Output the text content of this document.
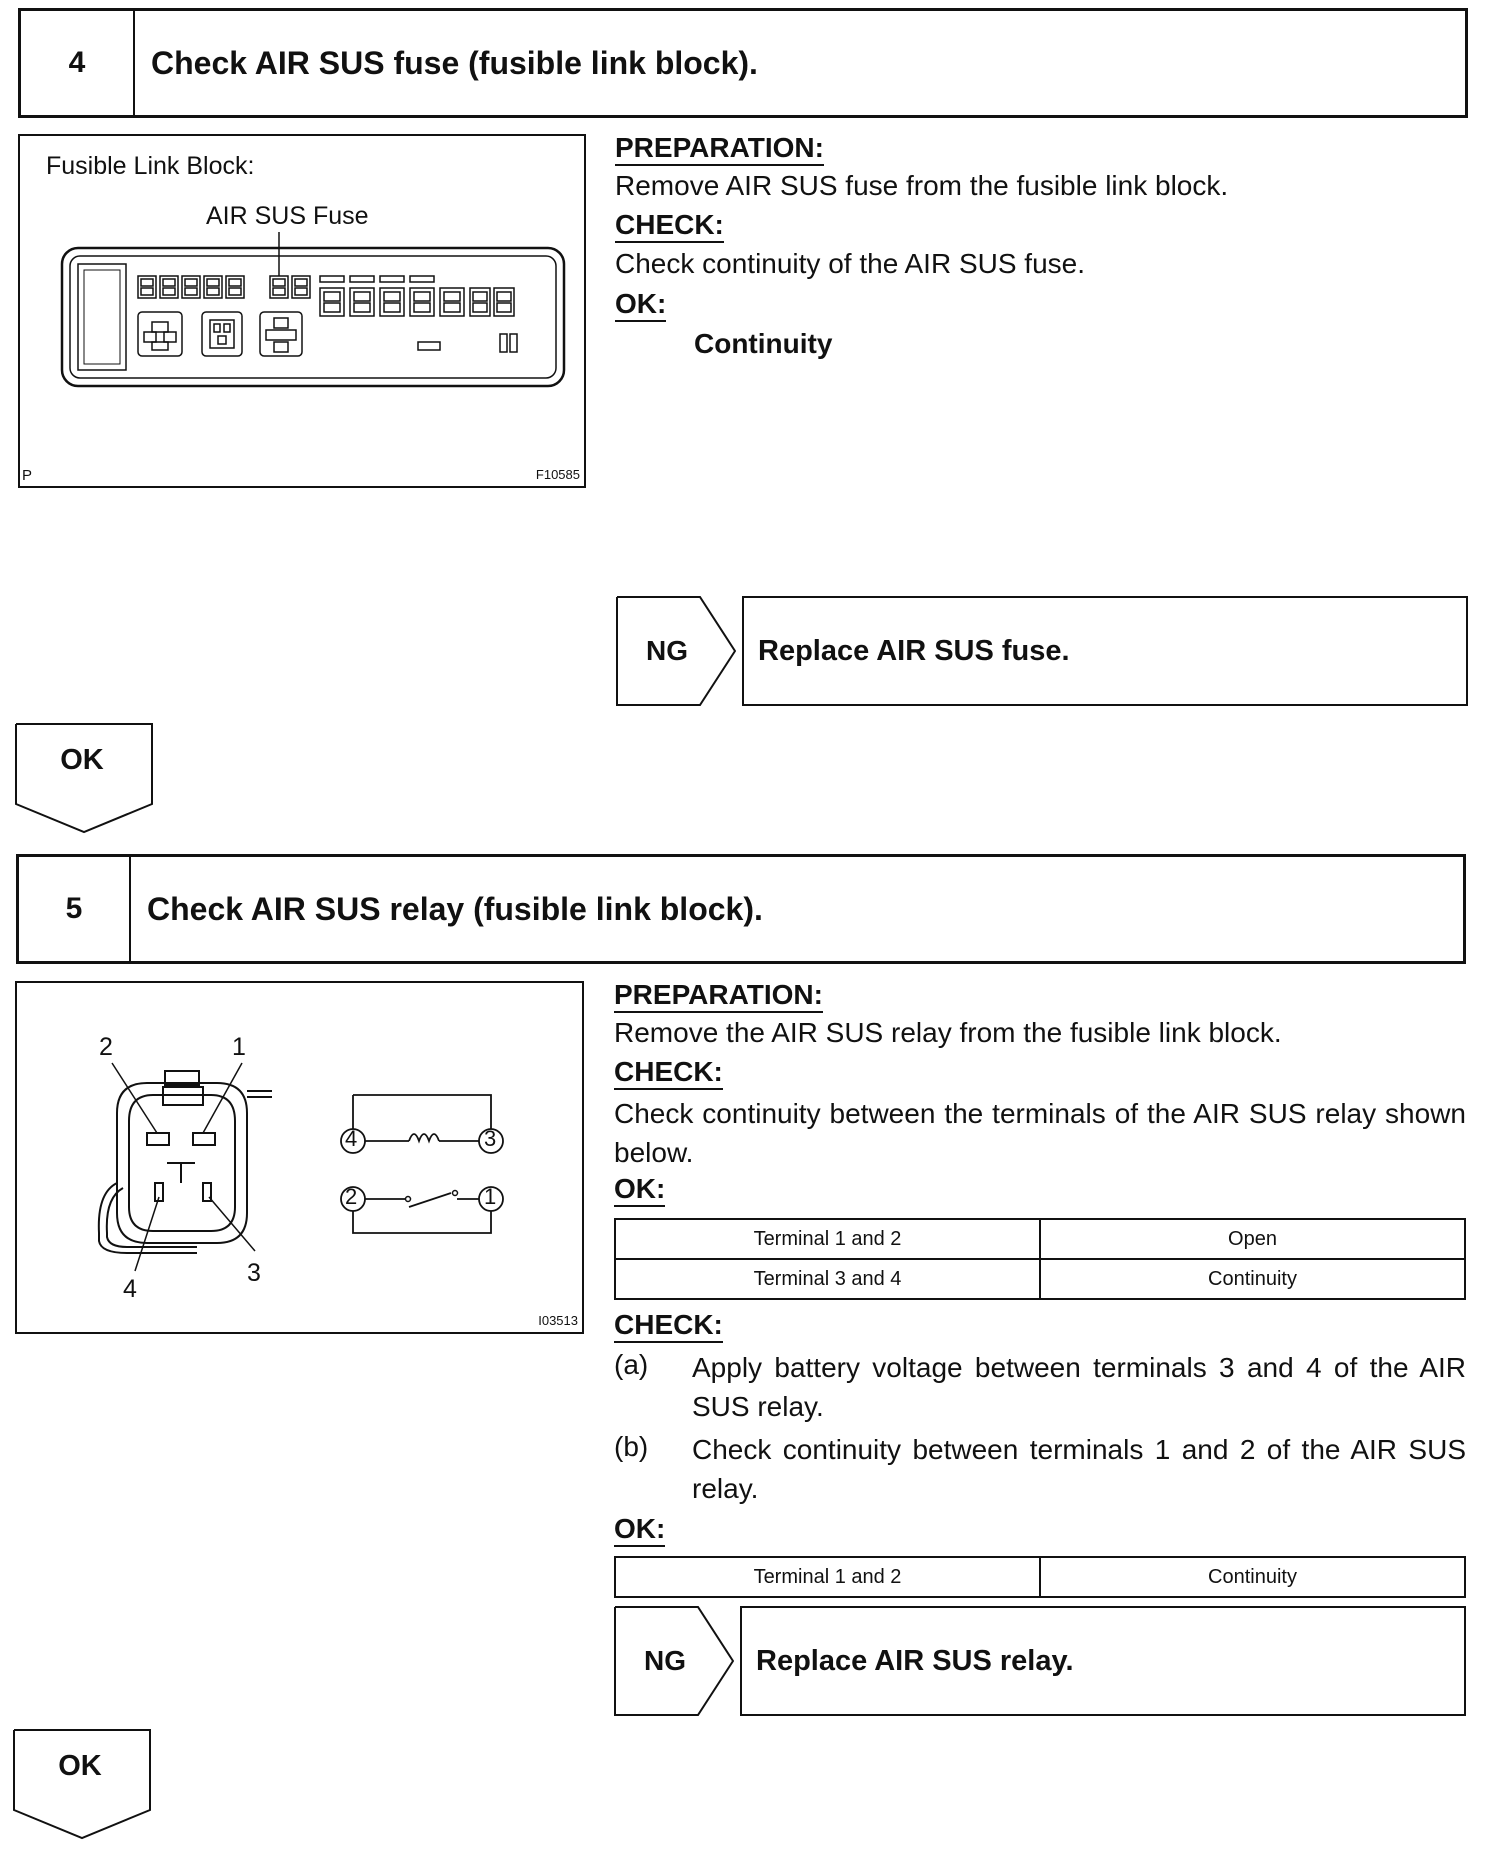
4	Check AIR SUS fuse (fusible link block).
Fusible Link Block:
AIR SUS Fuse
P	F10585
PREPARATION:
Remove AIR SUS fuse from the fusible link block.
CHECK:
Check continuity of the AIR SUS fuse.
OK:
Continuity
NG	Replace AIR SUS fuse.
OK
5	Check AIR SUS relay (fusible link block).
2	1
4
3
4	3
2	1
I03513
PREPARATION:
Remove the AIR SUS relay from the fusible link block.
CHECK:
Check continuity between the terminals of the AIR SUS relay shown below.
OK:
Terminal 1 and 2	Open
Terminal 3 and 4	Continuity
CHECK:
(a) Apply battery voltage between terminals 3 and 4 of the AIR SUS relay.
(b) Check continuity between terminals 1 and 2 of the AIR SUS relay.
OK:
Terminal 1 and 2	Continuity
NG	Replace AIR SUS relay.
OK
